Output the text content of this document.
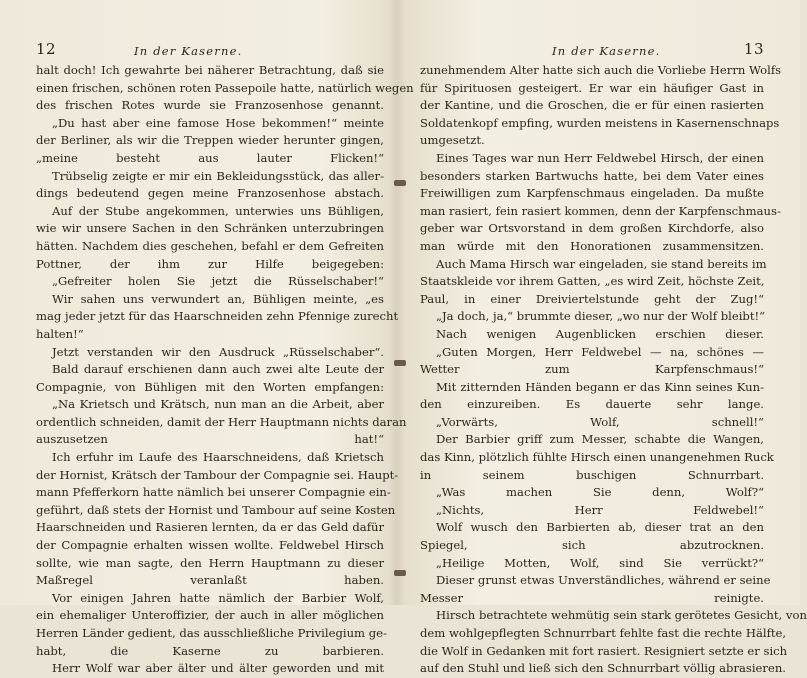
12	In der Kaserne.
halt doch! Ich gewahrte bei näherer Betrachtung, daß sie
einen frischen, schönen roten Passepoile hatte, natürlich wegen
des frischen Rotes wurde sie Franzosenhose genannt.
„Du hast aber eine famose Hose bekommen!“ meinte
der Berliner, als wir die Treppen wieder herunter gingen,
„meine besteht aus lauter Flicken!“
Trübselig zeigte er mir ein Bekleidungsstück, das aller-
dings bedeutend gegen meine Franzosenhose abstach.
Auf der Stube angekommen, unterwies uns Bühligen,
wie wir unsere Sachen in den Schränken unterzubringen
hätten. Nachdem dies geschehen, befahl er dem Gefreiten
Pottner, der ihm zur Hilfe beigegeben:
„Gefreiter holen Sie jetzt die Rüsselschaber!“
Wir sahen uns verwundert an, Bühligen meinte, „es
mag jeder jetzt für das Haarschneiden zehn Pfennige zurecht
halten!“
Jetzt verstanden wir den Ausdruck „Rüsselschaber“.
Bald darauf erschienen dann auch zwei alte Leute der
Compagnie, von Bühligen mit den Worten empfangen:
„Na Krietsch und Krätsch, nun man an die Arbeit, aber
ordentlich schneiden, damit der Herr Hauptmann nichts daran
auszusetzen hat!“
Ich erfuhr im Laufe des Haarschneidens, daß Krietsch
der Hornist, Krätsch der Tambour der Compagnie sei. Haupt-
mann Pfefferkorn hatte nämlich bei unserer Compagnie ein-
geführt, daß stets der Hornist und Tambour auf seine Kosten
Haarschneiden und Rasieren lernten, da er das Geld dafür
der Compagnie erhalten wissen wollte. Feldwebel Hirsch
sollte, wie man sagte, den Herrn Hauptmann zu dieser
Maßregel veranlaßt haben.
Vor einigen Jahren hatte nämlich der Barbier Wolf,
ein ehemaliger Unteroffizier, der auch in aller möglichen
Herren Länder gedient, das ausschließliche Privilegium ge-
habt, die Kaserne zu barbieren.
Herr Wolf war aber älter und älter geworden und mit
In der Kaserne.	13
zunehmendem Alter hatte sich auch die Vorliebe Herrn Wolfs
für Spirituosen gesteigert. Er war ein häufiger Gast in
der Kantine, und die Groschen, die er für einen rasierten
Soldatenkopf empfing, wurden meistens in Kasernenschnaps
umgesetzt.
Eines Tages war nun Herr Feldwebel Hirsch, der einen
besonders starken Bartwuchs hatte, bei dem Vater eines
Freiwilligen zum Karpfenschmaus eingeladen. Da mußte
man rasiert, fein rasiert kommen, denn der Karpfenschmaus-
geber war Ortsvorstand in dem großen Kirchdorfe, also
man würde mit den Honorationen zusammensitzen.
Auch Mama Hirsch war eingeladen, sie stand bereits im
Staatskleide vor ihrem Gatten, „es wird Zeit, höchste Zeit,
Paul, in einer Dreiviertelstunde geht der Zug!“
„Ja doch, ja,“ brummte dieser, „wo nur der Wolf bleibt!“
Nach wenigen Augenblicken erschien dieser.
„Guten Morgen, Herr Feldwebel — na, schönes —
Wetter zum Karpfenschmaus!“
Mit zitternden Händen begann er das Kinn seines Kun-
den einzureiben. Es dauerte sehr lange.
„Vorwärts, Wolf, schnell!“
Der Barbier griff zum Messer, schabte die Wangen,
das Kinn, plötzlich fühlte Hirsch einen unangenehmen Ruck
in seinem buschigen Schnurrbart.
„Was machen Sie denn, Wolf?“
„Nichts, Herr Feldwebel!“
Wolf wusch den Barbierten ab, dieser trat an den
Spiegel, sich abzutrocknen.
„Heilige Motten, Wolf, sind Sie verrückt?“
Dieser grunst etwas Unverständliches, während er seine
Messer reinigte.
Hirsch betrachtete wehmütig sein stark gerötetes Gesicht, von
dem wohlgepflegten Schnurrbart fehlte fast die rechte Hälfte,
die Wolf in Gedanken mit fort rasiert. Resigniert setzte er sich
auf den Stuhl und ließ sich den Schnurrbart völlig abrasieren.
